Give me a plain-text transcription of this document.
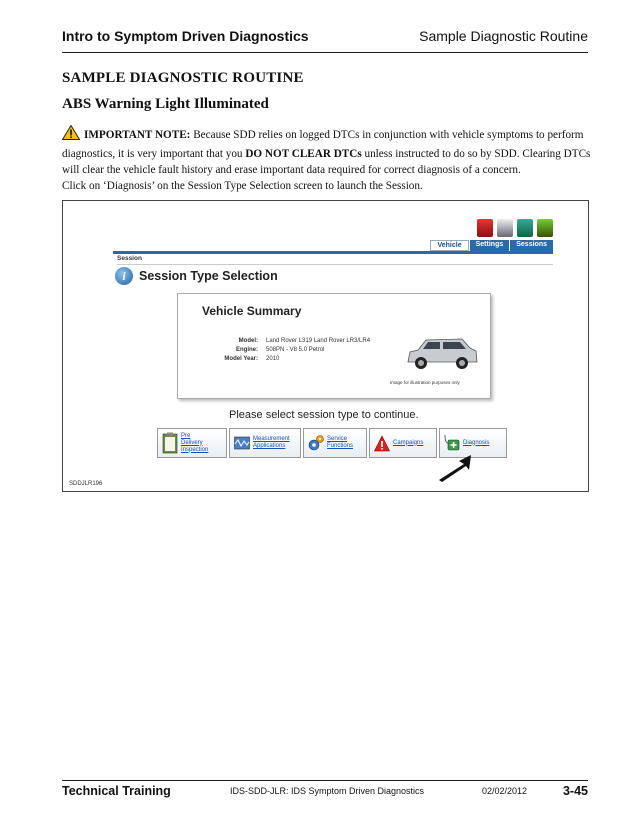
Intro to Symptom Driven Diagnostics	Sample Diagnostic Routine
SAMPLE DIAGNOSTIC ROUTINE
ABS Warning Light Illuminated
IMPORTANT NOTE: Because SDD relies on logged DTCs in conjunction with vehicle symptoms to perform diagnostics, it is very important that you DO NOT CLEAR DTCs unless instructed to do so by SDD. Clearing DTCs will clear the vehicle fault history and erase important data required for correct diagnosis of a concern.
Click on ‘Diagnosis’ on the Session Type Selection screen to launch the Session.
Vehicle	Settings	Sessions
Session
i	Session Type Selection
Vehicle Summary
Model: Land Rover L319 Land Rover LR3/LR4
Engine: 508PN - V8 5.0 Petrol
Model Year: 2010
Image for illustration purposes only
Please select session type to continue.
Pre
Delivery
Inspection
Measurement
Applications
Service
Functions
Campaigns	Diagnosis
SDDJLR196
Technical Training	IDS-SDD-JLR: IDS Symptom Driven Diagnostics	02/02/2012	3-45
